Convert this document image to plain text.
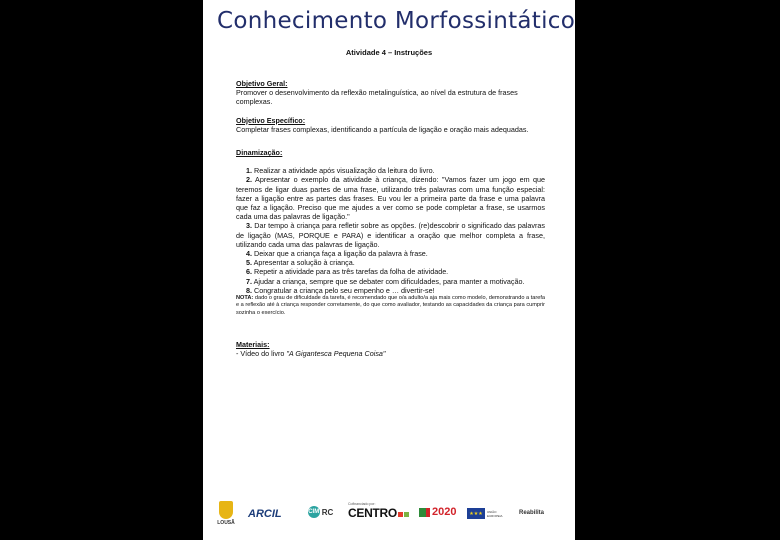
Conhecimento Morfossintático
Atividade 4 – Instruções

Objetivo Geral:

Promover o desenvolvimento da reflexão metalinguística, ao nível da estrutura de frases complexas.

Objetivo Específico:

Completar frases complexas, identificando a partícula de ligação e oração mais adequadas.

Dinamização:

1. Realizar a atividade após visualização da leitura do livro.

2. Apresentar o exemplo da atividade à criança, dizendo: "Vamos fazer um jogo em que teremos de ligar duas partes de uma frase, utilizando três palavras com uma função especial: fazer a ligação entre as partes das frases. Eu vou ler a primeira parte da frase e uma palavra que faz a ligação. Preciso que me ajudes a ver como se pode completar a frase, se usarmos cada uma das palavras de ligação."

3. Dar tempo à criança para refletir sobre as opções. (re)descobrir o significado das palavras de ligação (MAS, PORQUE e PARA) e identificar a oração que melhor completa a frase, utilizando cada uma das palavras de ligação.

4. Deixar que a criança faça a ligação da palavra à frase.

5. Apresentar a solução à criança.

6. Repetir a atividade para as três tarefas da folha de atividade.

7. Ajudar a criança, sempre que se debater com dificuldades, para manter a motivação.

8. Congratular a criança pelo seu empenho e … divertir-se!

NOTA: dado o grau de dificuldade da tarefa, é recomendado que o/a adulto/a aja mais como modelo, demonstrando a tarefa e a reflexão até à criança responder corretamente, do que como avaliador, testando as capacidades da criança para cumprir sozinha o exercício.

Materiais:

- Vídeo do livro "A Gigantesca Pequena Coisa"

LOUSÃ
ARCIL	CIM RC
Cofinanciado por:
CENTRO	2020	★★★	UNIÃO EUROPEIA	Reabilita
